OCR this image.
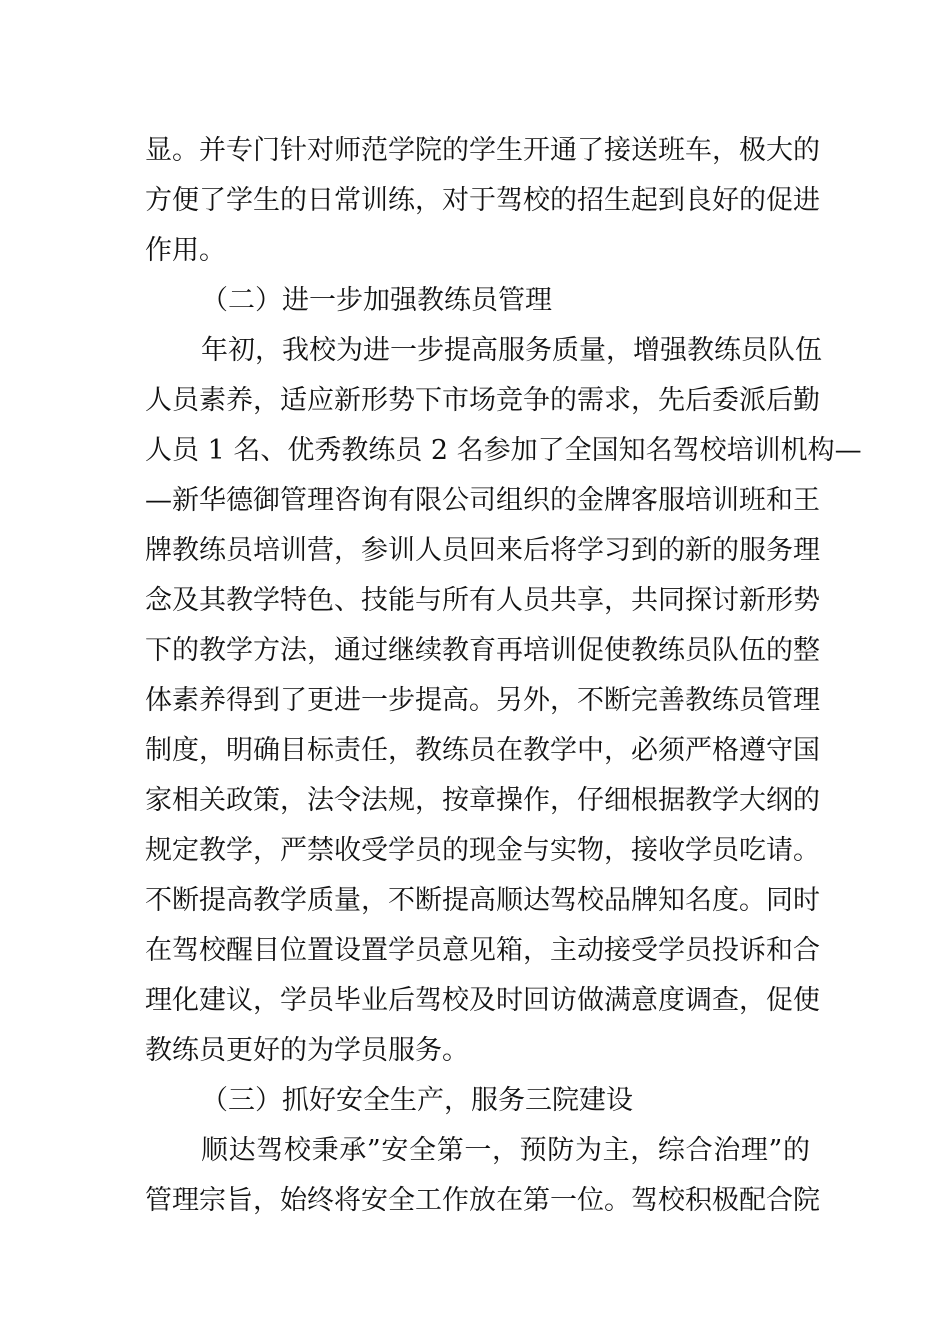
显。并专门针对师范学院的学生开通了接送班车，极大的
方便了学生的日常训练，对于驾校的招生起到良好的促进
作用。
（二）进一步加强教练员管理
年初，我校为进一步提高服务质量，增强教练员队伍
人员素养，适应新形势下市场竞争的需求，先后委派后勤
人员 1 名、优秀教练员 2 名参加了全国知名驾校培训机构—
—新华德御管理咨询有限公司组织的金牌客服培训班和王
牌教练员培训营，参训人员回来后将学习到的新的服务理
念及其教学特色、技能与所有人员共享，共同探讨新形势
下的教学方法，通过继续教育再培训促使教练员队伍的整
体素养得到了更进一步提高。另外，不断完善教练员管理
制度，明确目标责任，教练员在教学中，必须严格遵守国
家相关政策，法令法规，按章操作，仔细根据教学大纲的
规定教学，严禁收受学员的现金与实物，接收学员吃请。
不断提高教学质量，不断提高顺达驾校品牌知名度。同时
在驾校醒目位置设置学员意见箱，主动接受学员投诉和合
理化建议，学员毕业后驾校及时回访做满意度调查，促使
教练员更好的为学员服务。
（三）抓好安全生产，服务三院建设
顺达驾校秉承”安全第一，预防为主，综合治理”的
管理宗旨，始终将安全工作放在第一位。驾校积极配合院
